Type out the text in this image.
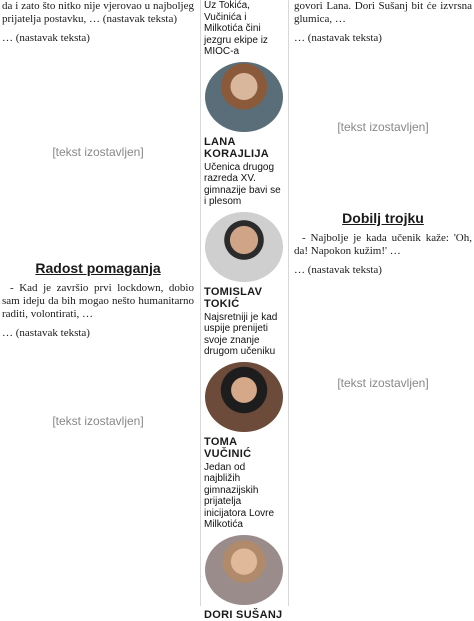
da i zato što nitko nije vjerovao u najboljeg prijatelja postavku, … (nastavak teksta)

… (nastavak teksta)

[tekst izostavljen]
Radost pomaganja

- Kad je završio prvi lockdown, dobio sam ideju da bih mogao nešto humanitarno raditi, volontirati, …

… (nastavak teksta)

[tekst izostavljen]

Uz Tokića, Vučinića i Milkotića čini jezgru ekipe iz MIOC-a

LANA KORAJLIJA

Učenica drugog razreda XV. gimnazije bavi se i plesom

TOMISLAV TOKIĆ

Najsretniji je kad uspije prenijeti svoje znanje drugom učeniku

TOMA VUČINIĆ

Jedan od najbližih gimnazijskih prijatelja inicijatora Lovre Milkotića

DORI SUŠANJ

govori Lana. Dori Sušanj bit će izvrsna glumica, …

… (nastavak teksta)

[tekst izostavljen]
Dobilj trojku

- Najbolje je kada učenik kaže: 'Oh, da! Napokon kužim!' …

… (nastavak teksta)

[tekst izostavljen]
